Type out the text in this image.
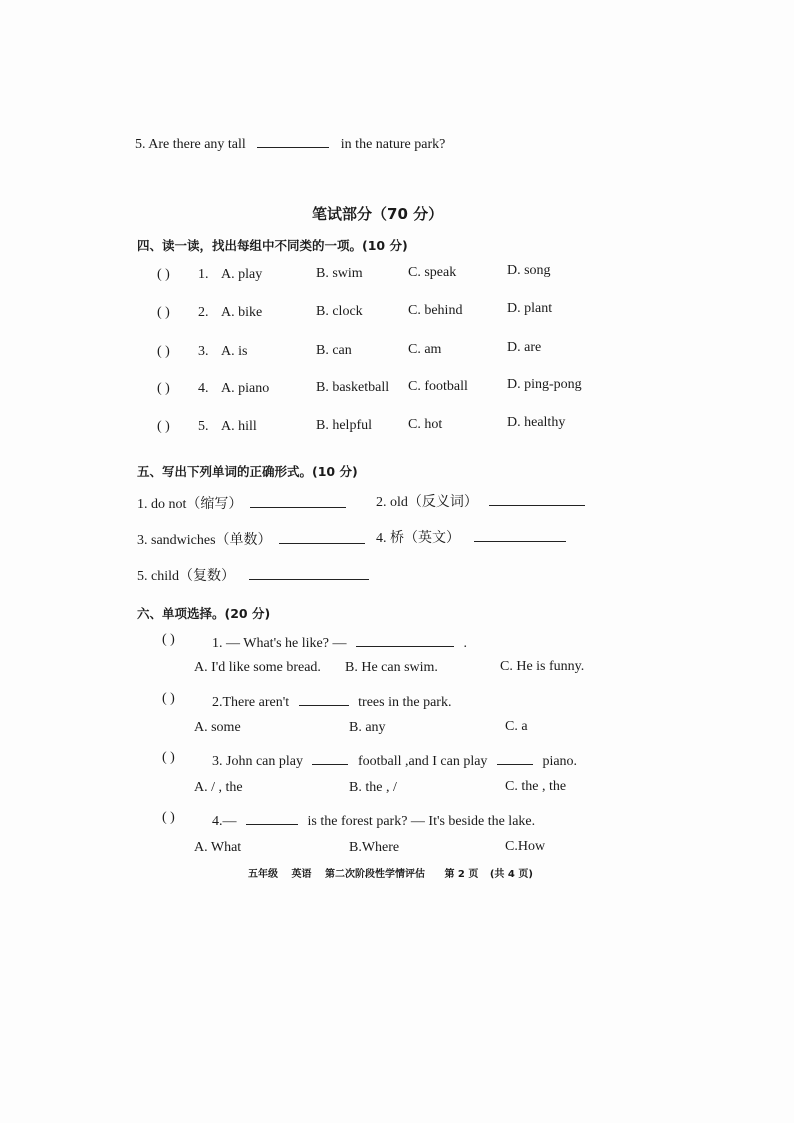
5. Are there any tall	in the nature park?
笔试部分（70 分）
四、读一读，找出每组中不同类的一项。(10 分)
( ) 1. A. play	B. swim	C. speak	D. song
( ) 2. A. bike	B. clock	C. behind	D. plant
( ) 3. A. is	B. can	C. am	D. are
( ) 4. A. piano	B. basketball C. football	D. ping-pong
( ) 5. A. hill	B. helpful	C. hot	D. healthy
五、写出下列单词的正确形式。(10 分)
1. do not（缩写）	2. old（反义词）
3. sandwiches（单数）	4. 桥（英文）
5. child（复数）
六、单项选择。(20 分)
( )	1. — What's he like? —	.
A. I'd like some bread. B. He can swim.	C. He is funny.
( )	2.There aren't	trees in the park.
A. some	B. any	C. a
( )	3. John can play	football ,and I can play	piano.
A. / , the	B. the , /	C. the , the
( )	4.—	is the forest park? — It's beside the lake.
A. What	B.Where	C.How
五年级 英语 第二次阶段性学情评估 第 2 页 (共 4 页)
